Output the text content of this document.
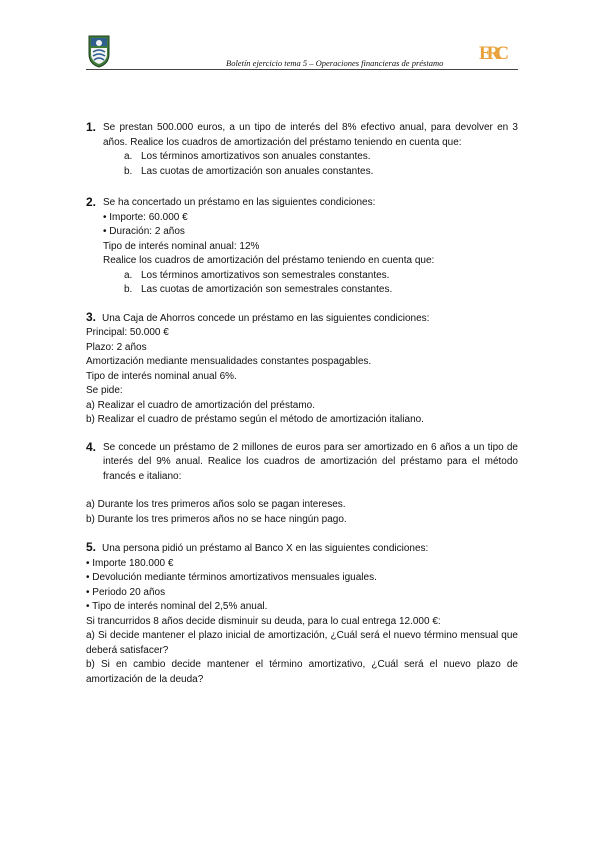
Boletín ejercicio tema 5 – Operaciones financieras de préstamo ERC
1. Se prestan 500.000 euros, a un tipo de interés del 8% efectivo anual, para devolver en 3 años. Realice los cuadros de amortización del préstamo teniendo en cuenta que:
a. Los términos amortizativos son anuales constantes.
b. Las cuotas de amortización son anuales constantes.
2. Se ha concertado un préstamo en las siguientes condiciones:
• Importe: 60.000 €
• Duración: 2 años
Tipo de interés nominal anual: 12%
Realice los cuadros de amortización del préstamo teniendo en cuenta que:
a. Los términos amortizativos son semestrales constantes.
b. Las cuotas de amortización son semestrales constantes.
3. Una Caja de Ahorros concede un préstamo en las siguientes condiciones:
Principal: 50.000 €
Plazo: 2 años
Amortización mediante mensualidades constantes pospagables.
Tipo de interés nominal anual 6%.
Se pide:
a) Realizar el cuadro de amortización del préstamo.
b) Realizar el cuadro de préstamo según el método de amortización italiano.
4. Se concede un préstamo de 2 millones de euros para ser amortizado en 6 años a un tipo de interés del 9% anual. Realice los cuadros de amortización del préstamo para el método francés e italiano:
a) Durante los tres primeros años solo se pagan intereses.
b) Durante los tres primeros años no se hace ningún pago.
5. Una persona pidió un préstamo al Banco X en las siguientes condiciones:
• Importe 180.000 €
• Devolución mediante términos amortizativos mensuales iguales.
• Periodo 20 años
• Tipo de interés nominal del 2,5% anual.
Si trancurridos 8 años decide disminuir su deuda, para lo cual entrega 12.000 €:
a) Si decide mantener el plazo inicial de amortización, ¿Cuál será el nuevo término mensual que deberá satisfacer?
b) Si en cambio decide mantener el término amortizativo, ¿Cuál será el nuevo plazo de amortización de la deuda?
